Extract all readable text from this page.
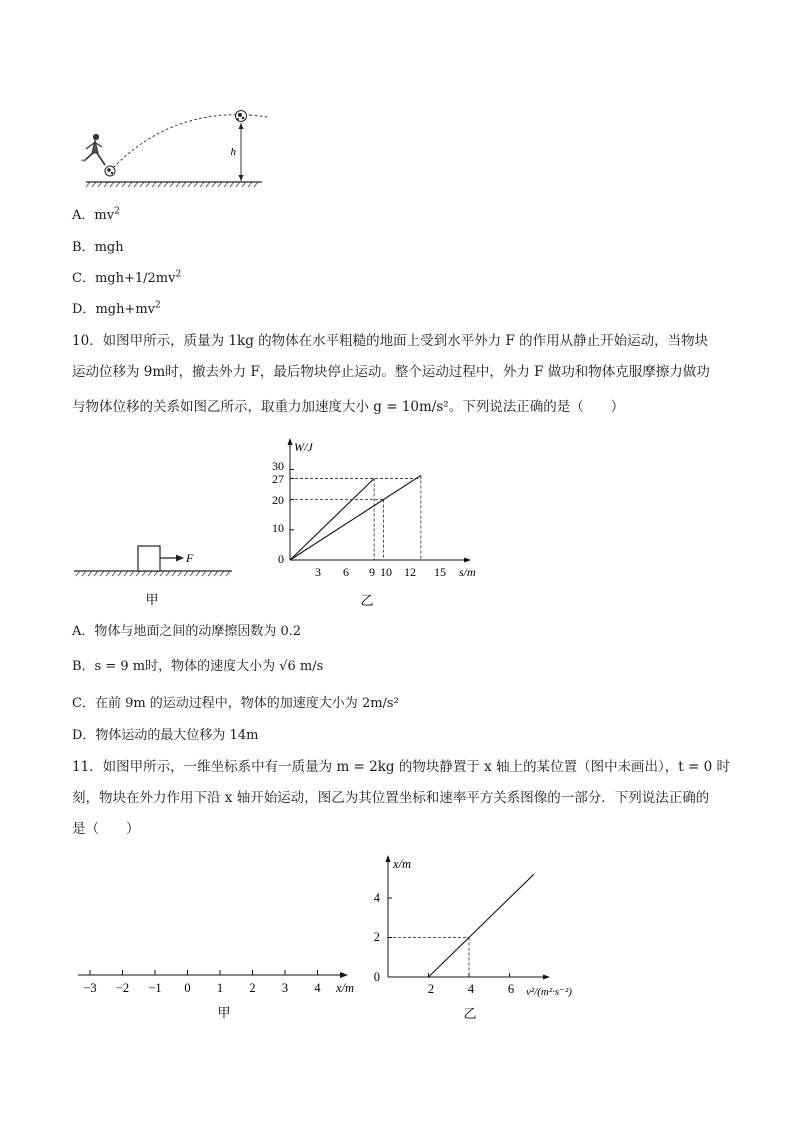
h
A．$mv^2$
B．mgh
C．$mgh+1/2mv^2$
D．$mgh+mv^2$
10．如图甲所示，质量为 1kg 的物体在水平粗糙的地面上受到水平外力 F 的作用从静止开始运动，当物块
运动位移为 9m时，撤去外力 F，最后物块停止运动。整个运动过程中，外力 F 做功和物体克服摩擦力做功
与物体位移的关系如图乙所示，取重力加速度大小 g = 10m/s²。下列说法正确的是（　　）
F
甲
W/J
30
27
20
10
0
3 6 9 10 12 15 s/m
乙
A．物体与地面之间的动摩擦因数为 0.2
B．s = 9 m时，物体的速度大小为 √6 m/s
C．在前 9m 的运动过程中，物体的加速度大小为 2m/s²
D．物体运动的最大位移为 14m
11．如图甲所示，一维坐标系中有一质量为 m = 2kg 的物块静置于 x 轴上的某位置（图中未画出），t = 0 时
刻，物块在外力作用下沿 x 轴开始运动，图乙为其位置坐标和速率平方关系图像的一部分．下列说法正确的
是（　　）
−3 −2 −1 0 1 2 3 4 x/m
甲
x/m
4
2
0
2	4	6 v²/(m²·s⁻²)
乙
